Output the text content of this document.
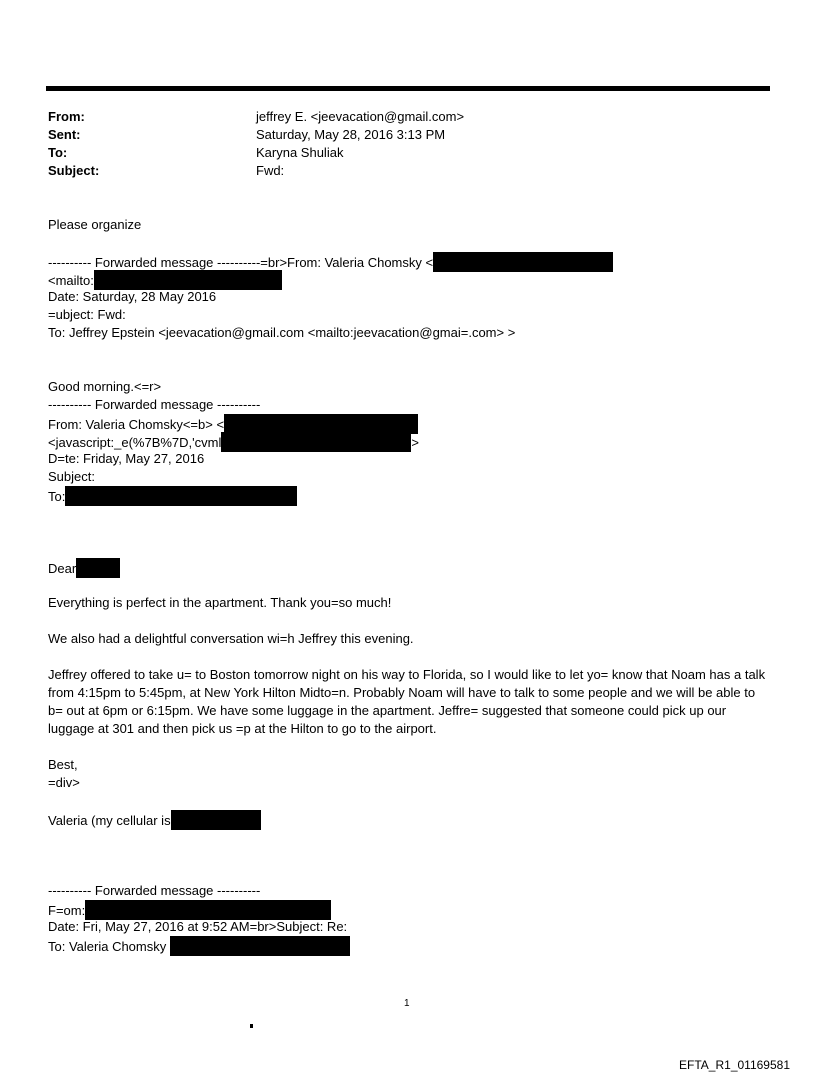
From:	jeffrey E. <jeevacation@gmail.com>
Sent:	Saturday, May 28, 2016 3:13 PM
To:	Karyna Shuliak
Subject:	Fwd:
Please organize
---------- Forwarded message ----------=br>From: Valeria Chomsky <
<mailto:
Date: Saturday, 28 May 2016
=ubject: Fwd:
To: Jeffrey Epstein <jeevacation@gmail.com <mailto:jeevacation@gmai=.com> >
Good morning.<=r>
---------- Forwarded message ----------
From: Valeria Chomsky<=b> <
<javascript:_e(%7B%7D,'cvml	>
D=te: Friday, May 27, 2016
Subject:
To:
Dear
Everything is perfect in the apartment. Thank you=so much!
We also had a delightful conversation wi=h Jeffrey this evening.

Jeffrey offered to take u= to Boston tomorrow night on his way to Florida, so I would like to let yo= know that Noam has a talk from 4:15pm to 5:45pm, at New York Hilton Midto=n. Probably Noam will have to talk to some people and we will be able to b= out at 6pm or 6:15pm. We have some luggage in the apartment. Jeffre= suggested that someone could pick up our luggage at 301 and then pick us =p at the Hilton to go to the airport.

Best,
=div>
Valeria (my cellular is
---------- Forwarded message ----------
F=om:
Date: Fri, May 27, 2016 at 9:52 AM=br>Subject: Re:
To: Valeria Chomsky
1
EFTA_R1_01169581
